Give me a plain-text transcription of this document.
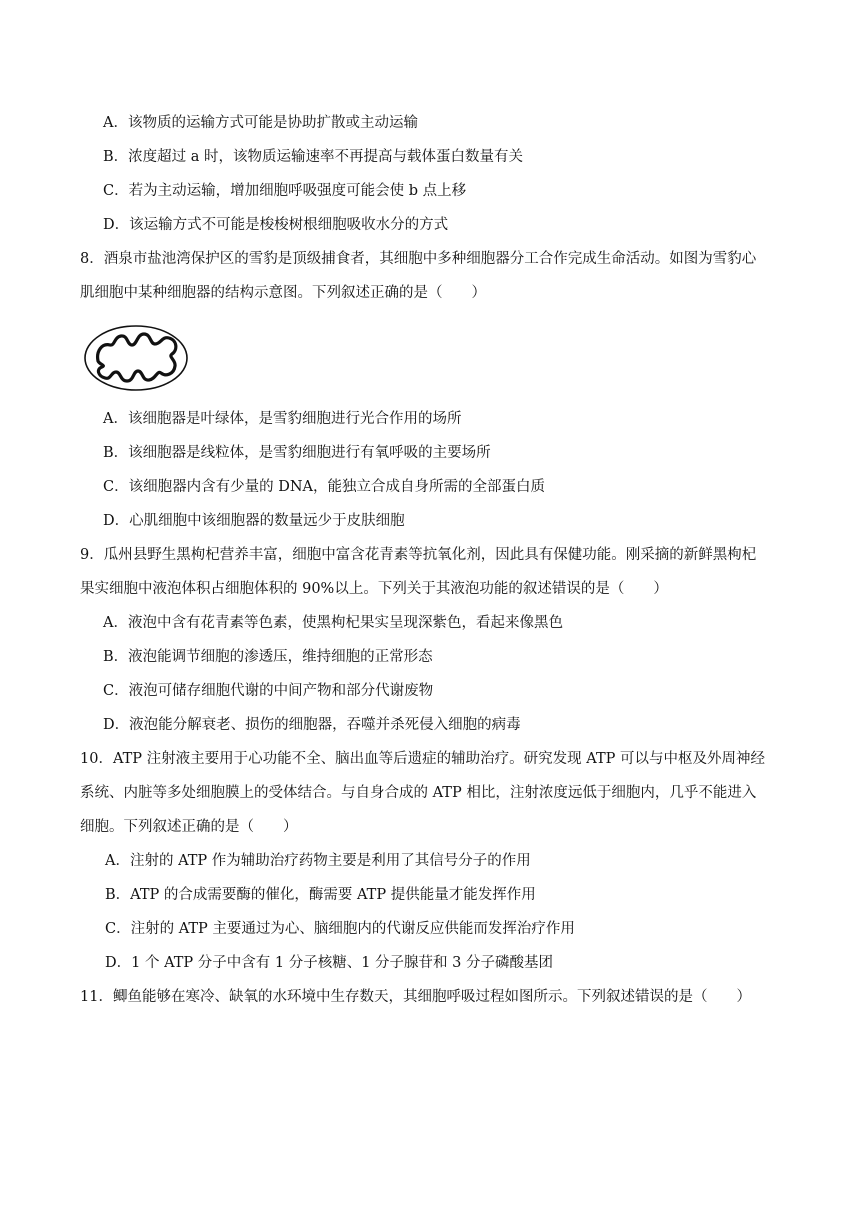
A．该物质的运输方式可能是协助扩散或主动运输
B．浓度超过 a 时，该物质运输速率不再提高与载体蛋白数量有关
C．若为主动运输，增加细胞呼吸强度可能会使 b 点上移
D．该运输方式不可能是梭梭树根细胞吸收水分的方式
8．酒泉市盐池湾保护区的雪豹是顶级捕食者，其细胞中多种细胞器分工合作完成生命活动。如图为雪豹心
肌细胞中某种细胞器的结构示意图。下列叙述正确的是（　　）
A．该细胞器是叶绿体，是雪豹细胞进行光合作用的场所
B．该细胞器是线粒体，是雪豹细胞进行有氧呼吸的主要场所
C．该细胞器内含有少量的 DNA，能独立合成自身所需的全部蛋白质
D．心肌细胞中该细胞器的数量远少于皮肤细胞
9．瓜州县野生黑枸杞营养丰富，细胞中富含花青素等抗氧化剂，因此具有保健功能。刚采摘的新鲜黑枸杞
果实细胞中液泡体积占细胞体积的 90%以上。下列关于其液泡功能的叙述错误的是（　　）
A．液泡中含有花青素等色素，使黑枸杞果实呈现深紫色，看起来像黑色
B．液泡能调节细胞的渗透压，维持细胞的正常形态
C．液泡可储存细胞代谢的中间产物和部分代谢废物
D．液泡能分解衰老、损伤的细胞器，吞噬并杀死侵入细胞的病毒
10．ATP 注射液主要用于心功能不全、脑出血等后遗症的辅助治疗。研究发现 ATP 可以与中枢及外周神经
系统、内脏等多处细胞膜上的受体结合。与自身合成的 ATP 相比，注射浓度远低于细胞内，几乎不能进入
细胞。下列叙述正确的是（　　）
A．注射的 ATP 作为辅助治疗药物主要是利用了其信号分子的作用
B．ATP 的合成需要酶的催化，酶需要 ATP 提供能量才能发挥作用
C．注射的 ATP 主要通过为心、脑细胞内的代谢反应供能而发挥治疗作用
D．1 个 ATP 分子中含有 1 分子核糖、1 分子腺苷和 3 分子磷酸基团
11．鲫鱼能够在寒冷、缺氧的水环境中生存数天，其细胞呼吸过程如图所示。下列叙述错误的是（　　）
